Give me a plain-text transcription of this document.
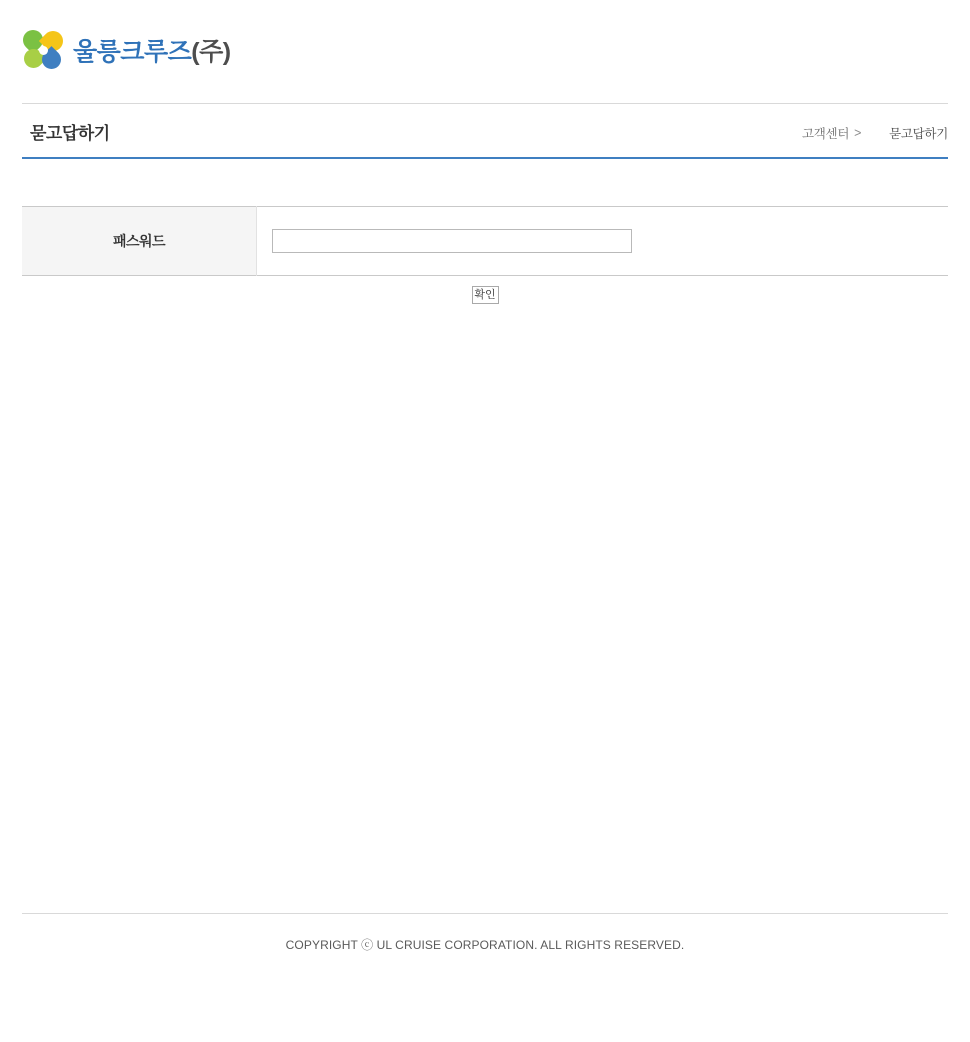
울릉크루즈(주)
묻고답하기	고객센터 > 묻고답하기
패스워드	
확인
COPYRIGHT ⓒ UL CRUISE CORPORATION. ALL RIGHTS RESERVED.
